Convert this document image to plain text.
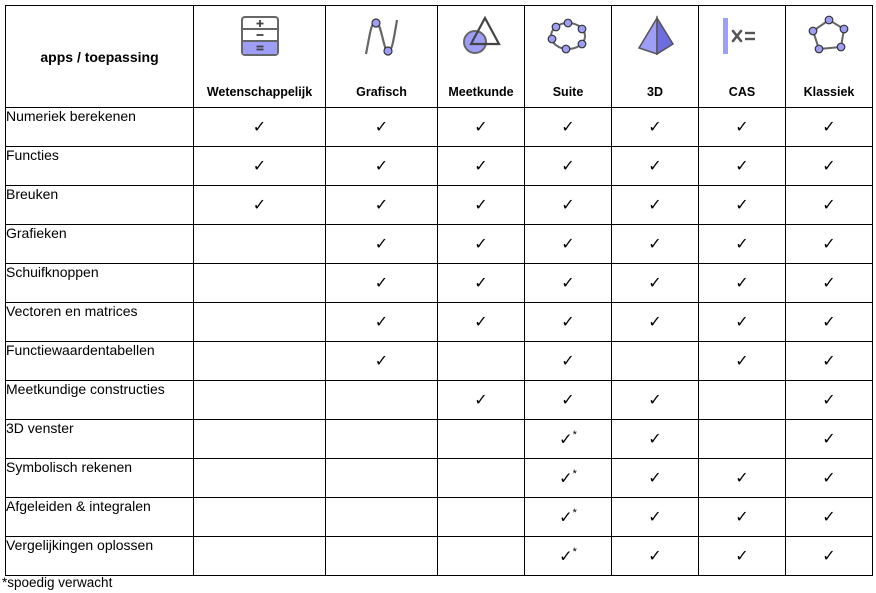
apps / toepassing	Wetenschappelijk	Grafisch	Meetkunde	Suite	3D	CAS	Klassiek

Numeriek berekenen	✓	✓	✓	✓	✓	✓	✓
Functies	✓	✓	✓	✓	✓	✓	✓
Breuken	✓	✓	✓	✓	✓	✓	✓
Grafieken		✓	✓	✓	✓	✓	✓
Schuifknoppen		✓	✓	✓	✓	✓	✓
Vectoren en matrices		✓	✓	✓	✓	✓	✓
Functiewaardentabellen		✓		✓		✓	✓
Meetkundige constructies			✓	✓	✓		✓
3D venster				✓*	✓		✓
Symbolisch rekenen				✓*	✓	✓	✓
Afgeleiden & integralen				✓*	✓	✓	✓
Vergelijkingen oplossen				✓*	✓	✓	✓
*spoedig verwacht
